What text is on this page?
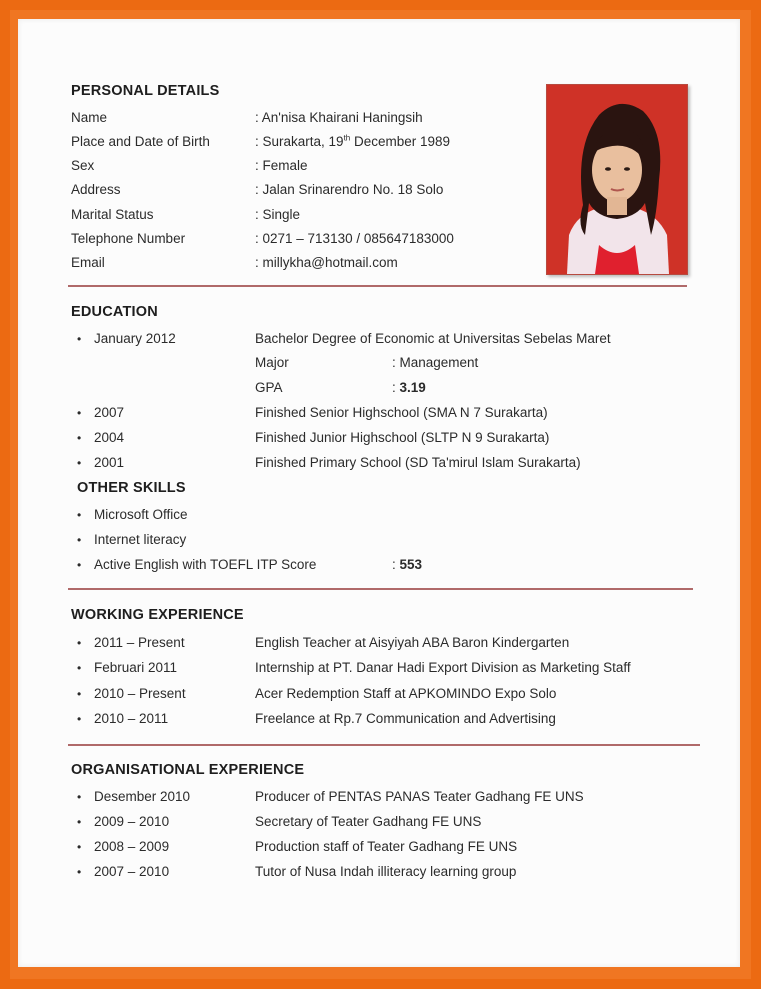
PERSONAL DETAILS
Name	: An'nisa Khairani Haningsih
Place and Date of Birth	: Surakarta, 19th December 1989
Sex	: Female
Address	: Jalan Srinarendro No. 18 Solo
Marital Status	: Single
Telephone Number	: 0271 – 713130 / 085647183000
Email	: millykha@hotmail.com
EDUCATION
• January 2012	Bachelor Degree of Economic at Universitas Sebelas Maret
Major	: Management
GPA	: 3.19
• 2007	Finished Senior Highschool (SMA N 7 Surakarta)
• 2004	Finished Junior Highschool (SLTP N 9 Surakarta)
• 2001	Finished Primary School (SD Ta'mirul Islam Surakarta)
OTHER SKILLS
• Microsoft Office
• Internet literacy
• Active English with TOEFL ITP Score	: 553
WORKING EXPERIENCE
• 2011 – Present	English Teacher at Aisyiyah ABA Baron Kindergarten
• Februari 2011	Internship at PT. Danar Hadi Export Division as Marketing Staff
• 2010 – Present	Acer Redemption Staff at APKOMINDO Expo Solo
• 2010 – 2011	Freelance at Rp.7 Communication and Advertising
ORGANISATIONAL EXPERIENCE
• Desember 2010	Producer of PENTAS PANAS Teater Gadhang FE UNS
• 2009 – 2010	Secretary of Teater Gadhang FE UNS
• 2008 – 2009	Production staff of Teater Gadhang FE UNS
• 2007 – 2010	Tutor of Nusa Indah illiteracy learning group
